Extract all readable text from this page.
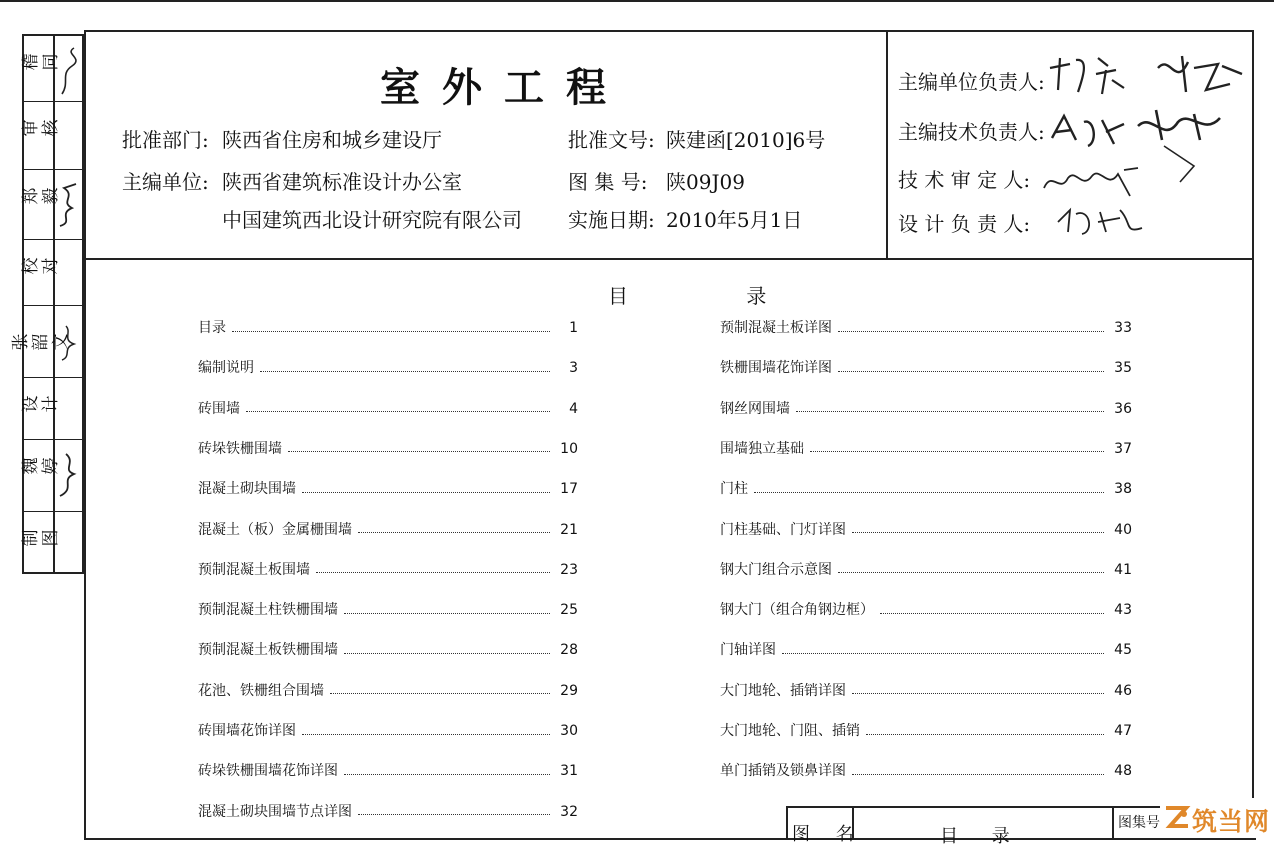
稽 同
审 核
郑 毅
校 对
张韶文
设 计
魏 婷
制 图
室外工程
批准部门: 陕西省住房和城乡建设厅
主编单位: 陕西省建筑标准设计办公室
中国建筑西北设计研究院有限公司
批准文号: 陕建函[2010]6号
图 集 号: 陕09J09
实施日期: 2010年5月1日
主编单位负责人:
主编技术负责人:
技 术 审 定 人:
设 计 负 责 人:
目 录
目录	1
编制说明	3
砖围墙	4
砖垛铁栅围墙	10
混凝土砌块围墙	17
混凝土（板）金属栅围墙	21
预制混凝土板围墙	23
预制混凝土柱铁栅围墙	25
预制混凝土板铁栅围墙	28
花池、铁栅组合围墙	29
砖围墙花饰详图	30
砖垛铁栅围墙花饰详图	31
混凝土砌块围墙节点详图	32
预制混凝土板详图	33
铁栅围墙花饰详图	35
钢丝网围墙	36
围墙独立基础	37
门柱	38
门柱基础、门灯详图	40
钢大门组合示意图	41
钢大门（组合角钢边框）	43
门轴详图	45
大门地轮、插销详图	46
大门地轮、门阻、插销	47
单门插销及锁鼻详图	48
图 名	目 录
图集号 筑当网
